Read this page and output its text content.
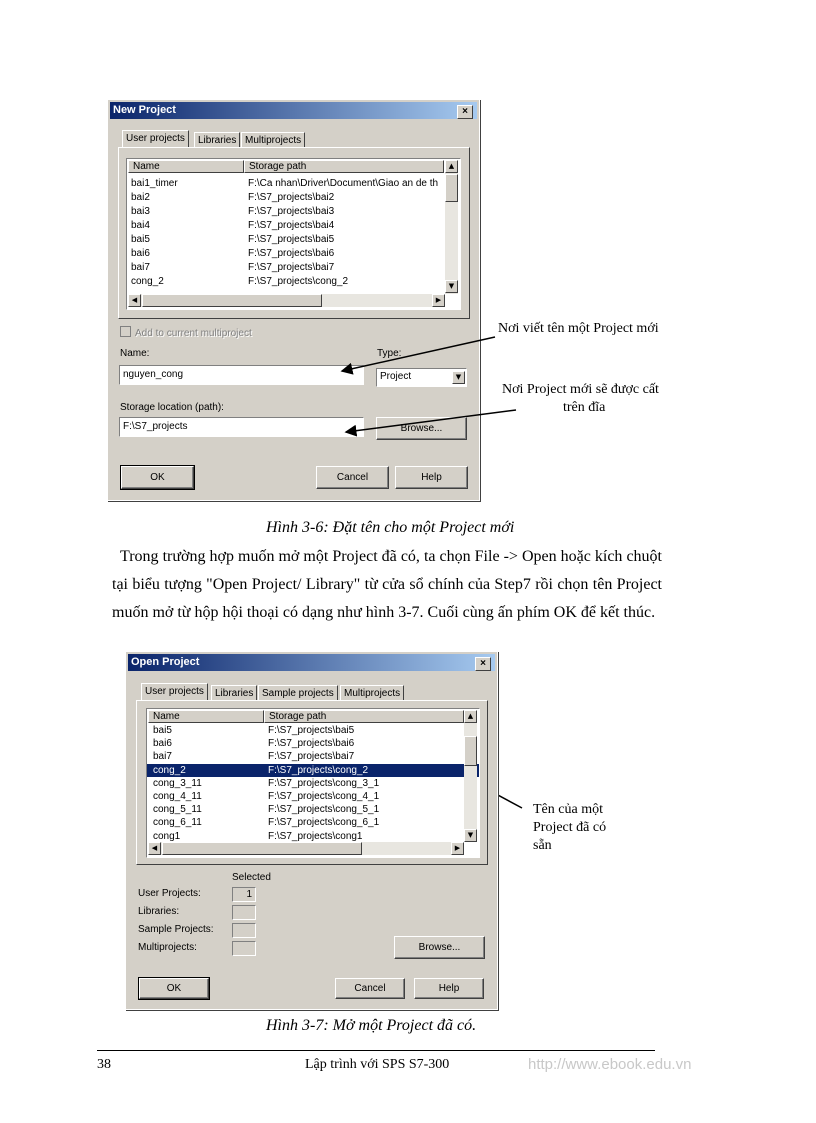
New Project	×
User projects	Libraries Multiprojects
Name	Storage path
bai1_timer	F:\Ca nhan\Driver\Document\Giao an de th
bai2	F:\S7_projects\bai2
bai3	F:\S7_projects\bai3
bai4	F:\S7_projects\bai4
bai5	F:\S7_projects\bai5
bai6	F:\S7_projects\bai6
bai7	F:\S7_projects\bai7
cong_2	F:\S7_projects\cong_2
▲
▼
◀	▶
Add to current multiproject
Name:
nguyen_cong
Type:
Project	▼
Storage location (path):
F:\S7_projects	Browse...
OK	Cancel	Help
Nơi viết tên một Project mới
Nơi Project mới sẽ được cất
trên đĩa
Hình 3-6: Đặt tên cho một Project mới
Trong trường hợp muốn mở một Project đã có, ta chọn File -> Open hoặc kích chuột tại biểu tượng "Open Project/ Library" từ cửa sổ chính của Step7 rồi chọn tên Project muốn mở từ hộp hội thoại có dạng như hình 3-7. Cuối cùng ấn phím OK để kết thúc.
Open Project	×
User projects	Libraries Sample projects	Multiprojects
Name	Storage path
bai5	F:\S7_projects\bai5
bai6	F:\S7_projects\bai6
bai7	F:\S7_projects\bai7
cong_2	F:\S7_projects\cong_2
cong_3_11	F:\S7_projects\cong_3_1
cong_4_11	F:\S7_projects\cong_4_1
cong_5_11	F:\S7_projects\cong_5_1
cong_6_11	F:\S7_projects\cong_6_1
cong1	F:\S7_projects\cong1
▲
▼
◀	▶
Selected
User Projects:	1
Libraries:
Sample Projects:
Multiprojects:	Browse...
OK	Cancel	Help
Tên của một
Project đã có
sẵn
Hình 3-7: Mở một Project đã có.
38	Lập trình với SPS S7-300	http://www.ebook.edu.vn
